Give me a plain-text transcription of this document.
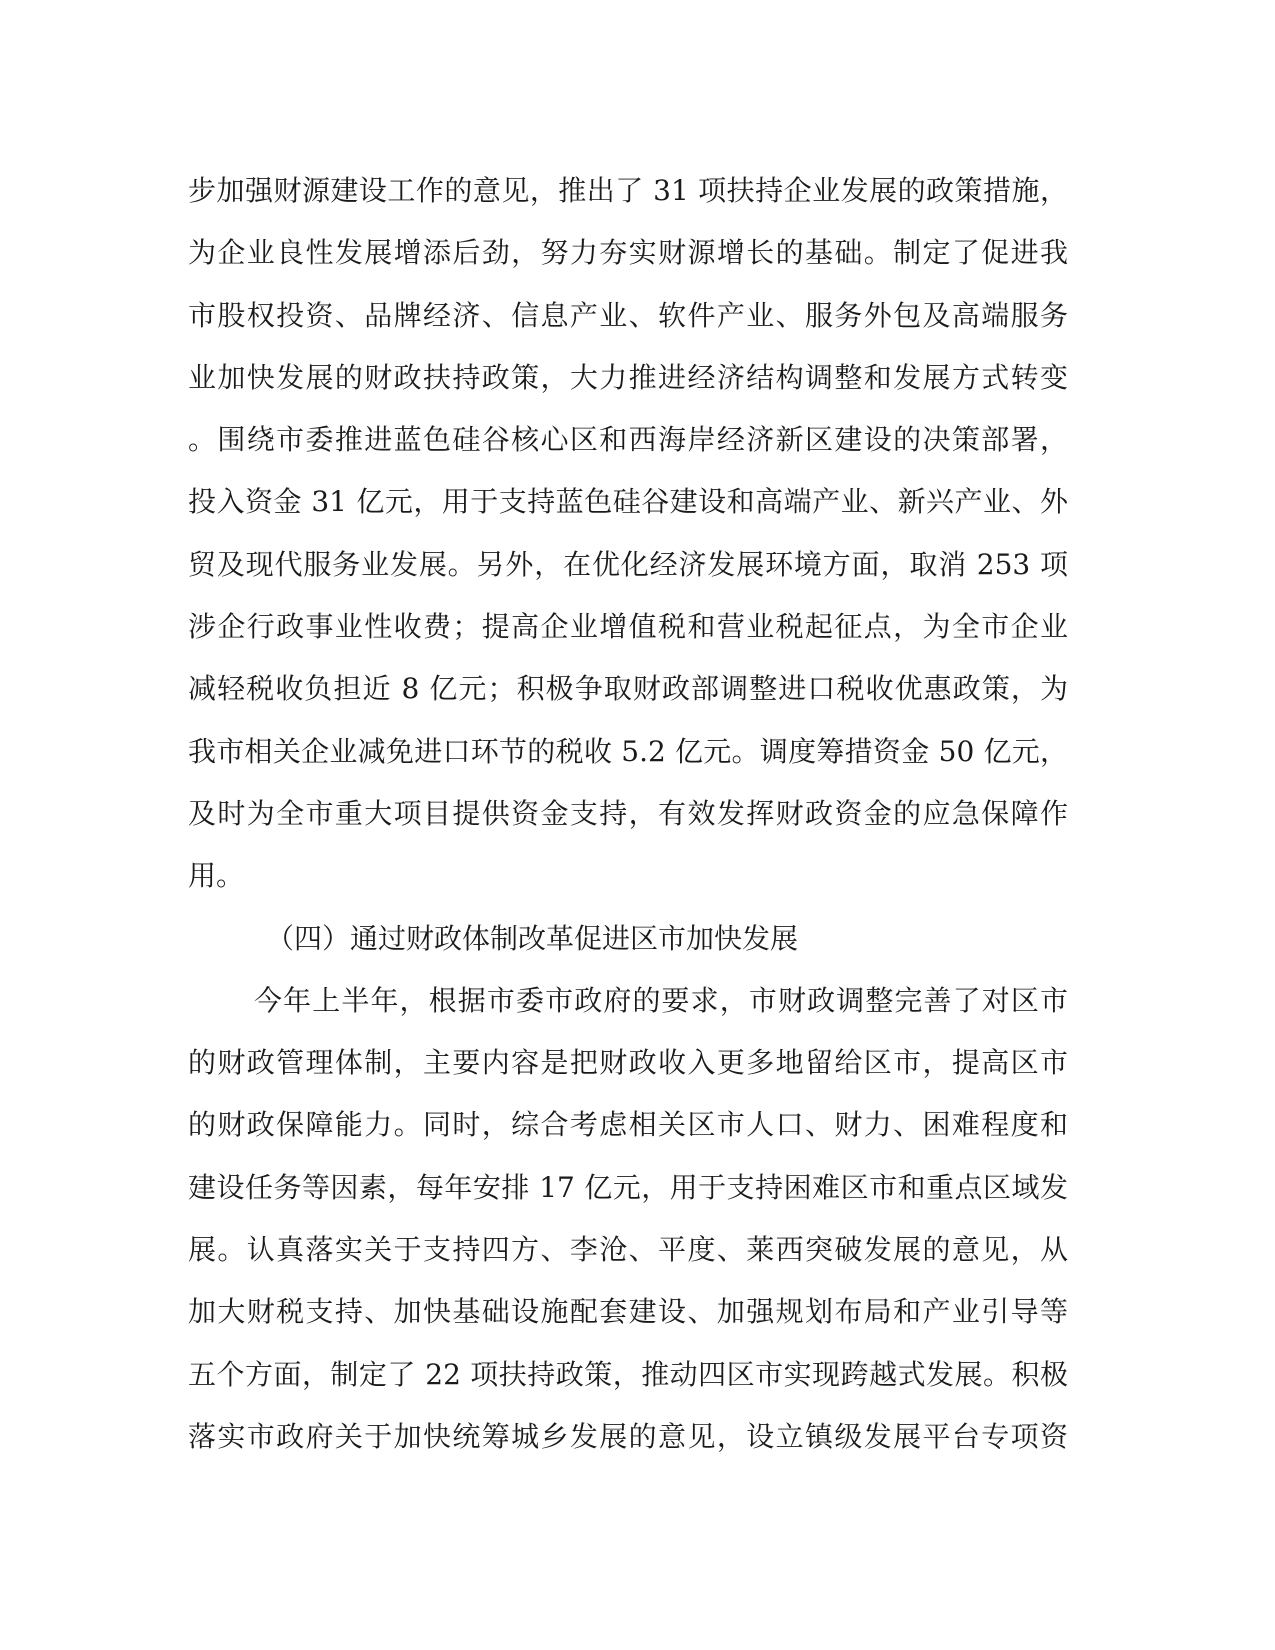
步加强财源建设工作的意见，推出了 31 项扶持企业发展的政策措施，
为企业良性发展增添后劲，努力夯实财源增长的基础。制定了促进我
市股权投资、品牌经济、信息产业、软件产业、服务外包及高端服务
业加快发展的财政扶持政策，大力推进经济结构调整和发展方式转变
。围绕市委推进蓝色硅谷核心区和西海岸经济新区建设的决策部署，
投入资金 31 亿元，用于支持蓝色硅谷建设和高端产业、新兴产业、外
贸及现代服务业发展。另外，在优化经济发展环境方面，取消 253 项
涉企行政事业性收费；提高企业增值税和营业税起征点，为全市企业
减轻税收负担近 8 亿元；积极争取财政部调整进口税收优惠政策，为
我市相关企业减免进口环节的税收 5.2 亿元。调度筹措资金 50 亿元，
及时为全市重大项目提供资金支持，有效发挥财政资金的应急保障作
用。
（四）通过财政体制改革促进区市加快发展
今年上半年，根据市委市政府的要求，市财政调整完善了对区市
的财政管理体制，主要内容是把财政收入更多地留给区市，提高区市
的财政保障能力。同时，综合考虑相关区市人口、财力、困难程度和
建设任务等因素，每年安排 17 亿元，用于支持困难区市和重点区域发
展。认真落实关于支持四方、李沧、平度、莱西突破发展的意见，从
加大财税支持、加快基础设施配套建设、加强规划布局和产业引导等
五个方面，制定了 22 项扶持政策，推动四区市实现跨越式发展。积极
落实市政府关于加快统筹城乡发展的意见，设立镇级发展平台专项资
